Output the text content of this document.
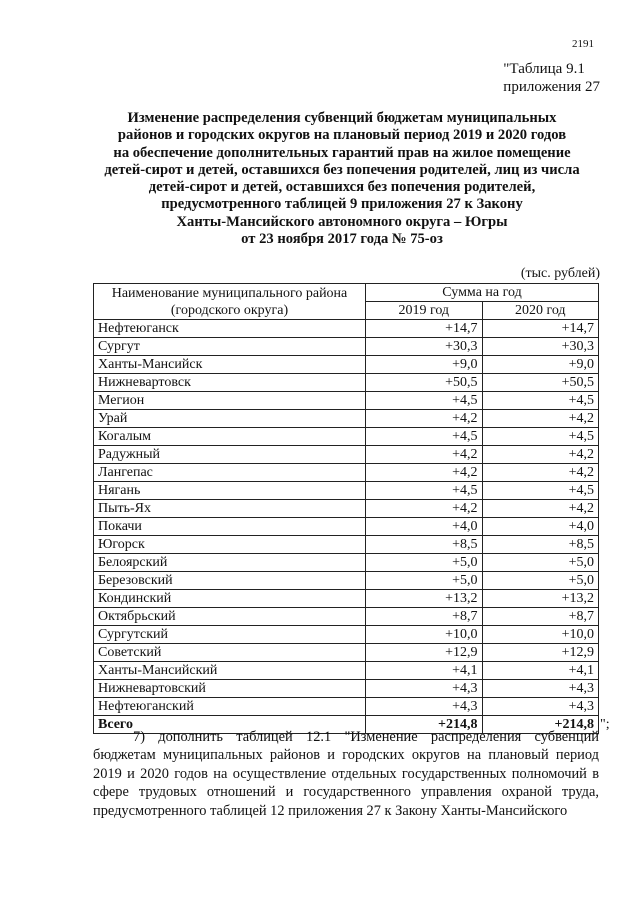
2191
"Таблица 9.1
приложения 27
Изменение распределения субвенций бюджетам муниципальных
районов и городских округов на плановый период 2019 и 2020 годов
на обеспечение дополнительных гарантий прав на жилое помещение
детей-сирот и детей, оставшихся без попечения родителей, лиц из числа
детей-сирот и детей, оставшихся без попечения родителей,
предусмотренного таблицей 9 приложения 27 к Закону
Ханты-Мансийского автономного округа – Югры
от 23 ноября 2017 года № 75-оз
(тыс. рублей)
Наименование муниципального района (городского округа)	Сумма на год	
	2019 год	2020 год
Нефтеюганск	+14,7	+14,7
Сургут	+30,3	+30,3
Ханты-Мансийск	+9,0	+9,0
Нижневартовск	+50,5	+50,5
Мегион	+4,5	+4,5
Урай	+4,2	+4,2
Когалым	+4,5	+4,5
Радужный	+4,2	+4,2
Лангепас	+4,2	+4,2
Нягань	+4,5	+4,5
Пыть-Ях	+4,2	+4,2
Покачи	+4,0	+4,0
Югорск	+8,5	+8,5
Белоярский	+5,0	+5,0
Березовский	+5,0	+5,0
Кондинский	+13,2	+13,2
Октябрьский	+8,7	+8,7
Сургутский	+10,0	+10,0
Советский	+12,9	+12,9
Ханты-Мансийский	+4,1	+4,1
Нижневартовский	+4,3	+4,3
Нефтеюганский	+4,3	+4,3
Всего	+214,8	+214,8 ";
7) дополнить таблицей 12.1 "Изменение распределения субвенций бюджетам муниципальных районов и городских округов на плановый период 2019 и 2020 годов на осуществление отдельных государственных полномочий в сфере трудовых отношений и государственного управления охраной труда, предусмотренного таблицей 12 приложения 27 к Закону Ханты-Мансийского
